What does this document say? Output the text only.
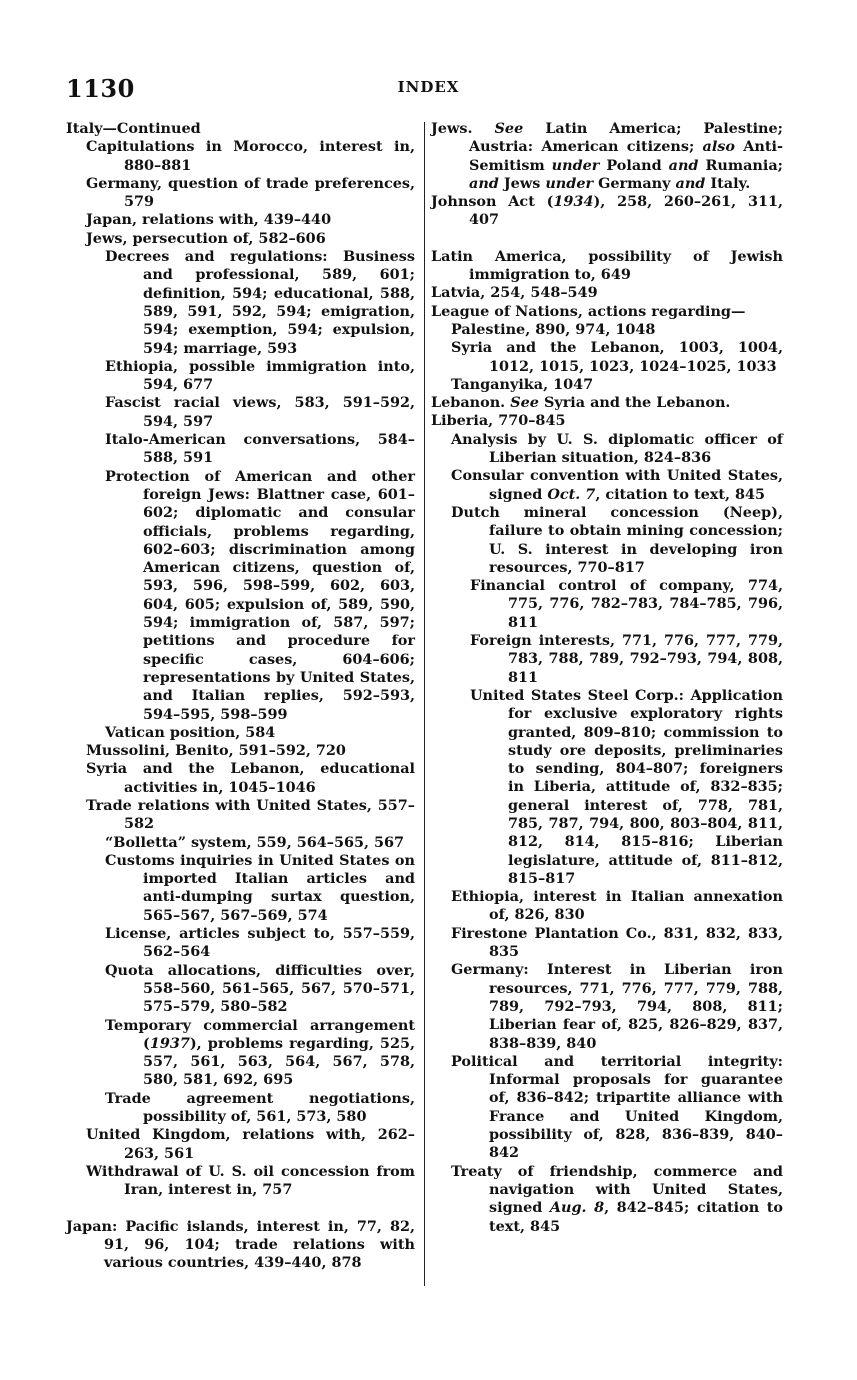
1130	INDEX
Italy—Continued
Capitulations in Morocco, interest in, 880–881
Germany, question of trade preferences, 579
Japan, relations with, 439–440
Jews, persecution of, 582–606
Decrees and regulations: Business and professional, 589, 601; definition, 594; educational, 588, 589, 591, 592, 594; emigration, 594; exemption, 594; expulsion, 594; marriage, 593
Ethiopia, possible immigration into, 594, 677
Fascist racial views, 583, 591–592, 594, 597
Italo-American conversations, 584–588, 591
Protection of American and other foreign Jews: Blattner case, 601–602; diplomatic and consular officials, problems regarding, 602–603; discrimination among American citizens, question of, 593, 596, 598–599, 602, 603, 604, 605; expulsion of, 589, 590, 594; immigration of, 587, 597; petitions and procedure for specific cases, 604–606; representations by United States, and Italian replies, 592–593, 594–595, 598–599
Vatican position, 584
Mussolini, Benito, 591–592, 720
Syria and the Lebanon, educational activities in, 1045–1046
Trade relations with United States, 557–582
“Bolletta” system, 559, 564–565, 567
Customs inquiries in United States on imported Italian articles and anti-dumping surtax question, 565–567, 567–569, 574
License, articles subject to, 557–559, 562–564
Quota allocations, difficulties over, 558–560, 561–565, 567, 570–571, 575–579, 580–582
Temporary commercial arrangement (1937), problems regarding, 525, 557, 561, 563, 564, 567, 578, 580, 581, 692, 695
Trade agreement negotiations, possibility of, 561, 573, 580
United Kingdom, relations with, 262–263, 561
Withdrawal of U. S. oil concession from Iran, interest in, 757
Japan: Pacific islands, interest in, 77, 82, 91, 96, 104; trade relations with various countries, 439–440, 878
Jews. See Latin America; Palestine; Austria: American citizens; also Anti-Semitism under Poland and Rumania; and Jews under Germany and Italy.
Johnson Act (1934), 258, 260–261, 311, 407
Latin America, possibility of Jewish immigration to, 649
Latvia, 254, 548–549
League of Nations, actions regarding—
Palestine, 890, 974, 1048
Syria and the Lebanon, 1003, 1004, 1012, 1015, 1023, 1024–1025, 1033
Tanganyika, 1047
Lebanon. See Syria and the Lebanon.
Liberia, 770–845
Analysis by U. S. diplomatic officer of Liberian situation, 824–836
Consular convention with United States, signed Oct. 7, citation to text, 845
Dutch mineral concession (Neep), failure to obtain mining concession; U. S. interest in developing iron resources, 770–817
Financial control of company, 774, 775, 776, 782–783, 784–785, 796, 811
Foreign interests, 771, 776, 777, 779, 783, 788, 789, 792–793, 794, 808, 811
United States Steel Corp.: Application for exclusive exploratory rights granted, 809–810; commission to study ore deposits, preliminaries to sending, 804–807; foreigners in Liberia, attitude of, 832–835; general interest of, 778, 781, 785, 787, 794, 800, 803–804, 811, 812, 814, 815–816; Liberian legislature, attitude of, 811–812, 815–817
Ethiopia, interest in Italian annexation of, 826, 830
Firestone Plantation Co., 831, 832, 833, 835
Germany: Interest in Liberian iron resources, 771, 776, 777, 779, 788, 789, 792–793, 794, 808, 811; Liberian fear of, 825, 826–829, 837, 838–839, 840
Political and territorial integrity: Informal proposals for guarantee of, 836–842; tripartite alliance with France and United Kingdom, possibility of, 828, 836–839, 840–842
Treaty of friendship, commerce and navigation with United States, signed Aug. 8, 842–845; citation to text, 845
